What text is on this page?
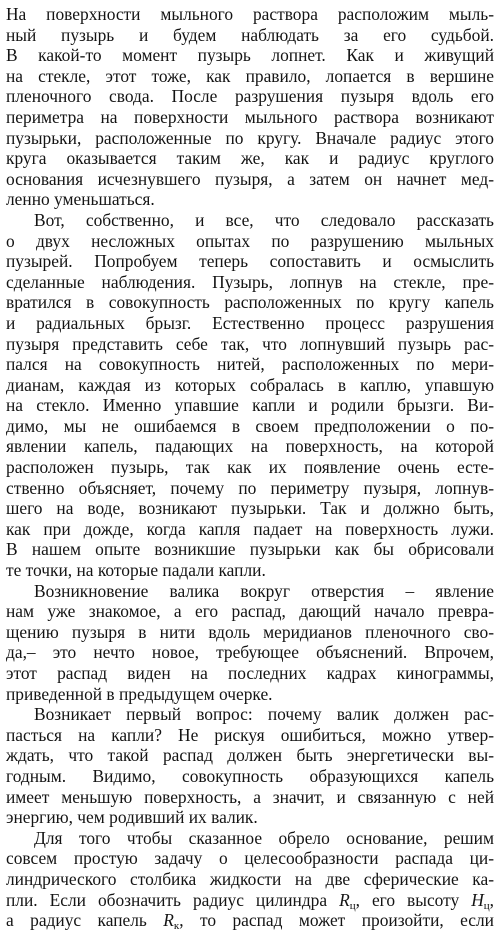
На поверхности мыльного раствора расположим мыль-
ный пузырь и будем наблюдать за его судьбой.
В какой-то момент пузырь лопнет. Как и живущий
на стекле, этот тоже, как правило, лопается в вершине
пленочного свода. После разрушения пузыря вдоль его
периметра на поверхности мыльного раствора возникают
пузырьки, расположенные по кругу. Вначале радиус этого
круга оказывается таким же, как и радиус круглого
основания исчезнувшего пузыря, а затем он начнет мед-
ленно уменьшаться.

Вот, собственно, и все, что следовало рассказать
о двух несложных опытах по разрушению мыльных
пузырей. Попробуем теперь сопоставить и осмыслить
сделанные наблюдения. Пузырь, лопнув на стекле, пре-
вратился в совокупность расположенных по кругу капель
и радиальных брызг. Естественно процесс разрушения
пузыря представить себе так, что лопнувший пузырь рас-
пался на совокупность нитей, расположенных по мери-
дианам, каждая из которых собралась в каплю, упавшую
на стекло. Именно упавшие капли и родили брызги. Ви-
димо, мы не ошибаемся в своем предположении о по-
явлении капель, падающих на поверхность, на которой
расположен пузырь, так как их появление очень есте-
ственно объясняет, почему по периметру пузыря, лопнув-
шего на воде, возникают пузырьки. Так и должно быть,
как при дожде, когда капля падает на поверхность лужи.
В нашем опыте возникшие пузырьки как бы обрисовали
те точки, на которые падали капли.

Возникновение валика вокруг отверстия – явление
нам уже знакомое, а его распад, дающий начало превра-
щению пузыря в нити вдоль меридианов пленочного сво-
да,– это нечто новое, требующее объяснений. Впрочем,
этот распад виден на последних кадрах кинограммы,
приведенной в предыдущем очерке.

Возникает первый вопрос: почему валик должен рас-
пасться на капли? Не рискуя ошибиться, можно утвер-
ждать, что такой распад должен быть энергетически вы-
годным. Видимо, совокупность образующихся капель
имеет меньшую поверхность, а значит, и связанную с ней
энергию, чем родивший их валик.

Для того чтобы сказанное обрело основание, решим
совсем простую задачу о целесообразности распада ци-
линдрического столбика жидкости на две сферические ка-
пли. Если обозначить радиус цилиндра $R_ц$, его высоту $H_ц$,
а радиус капель $R_к$, то распад может произойти, если
